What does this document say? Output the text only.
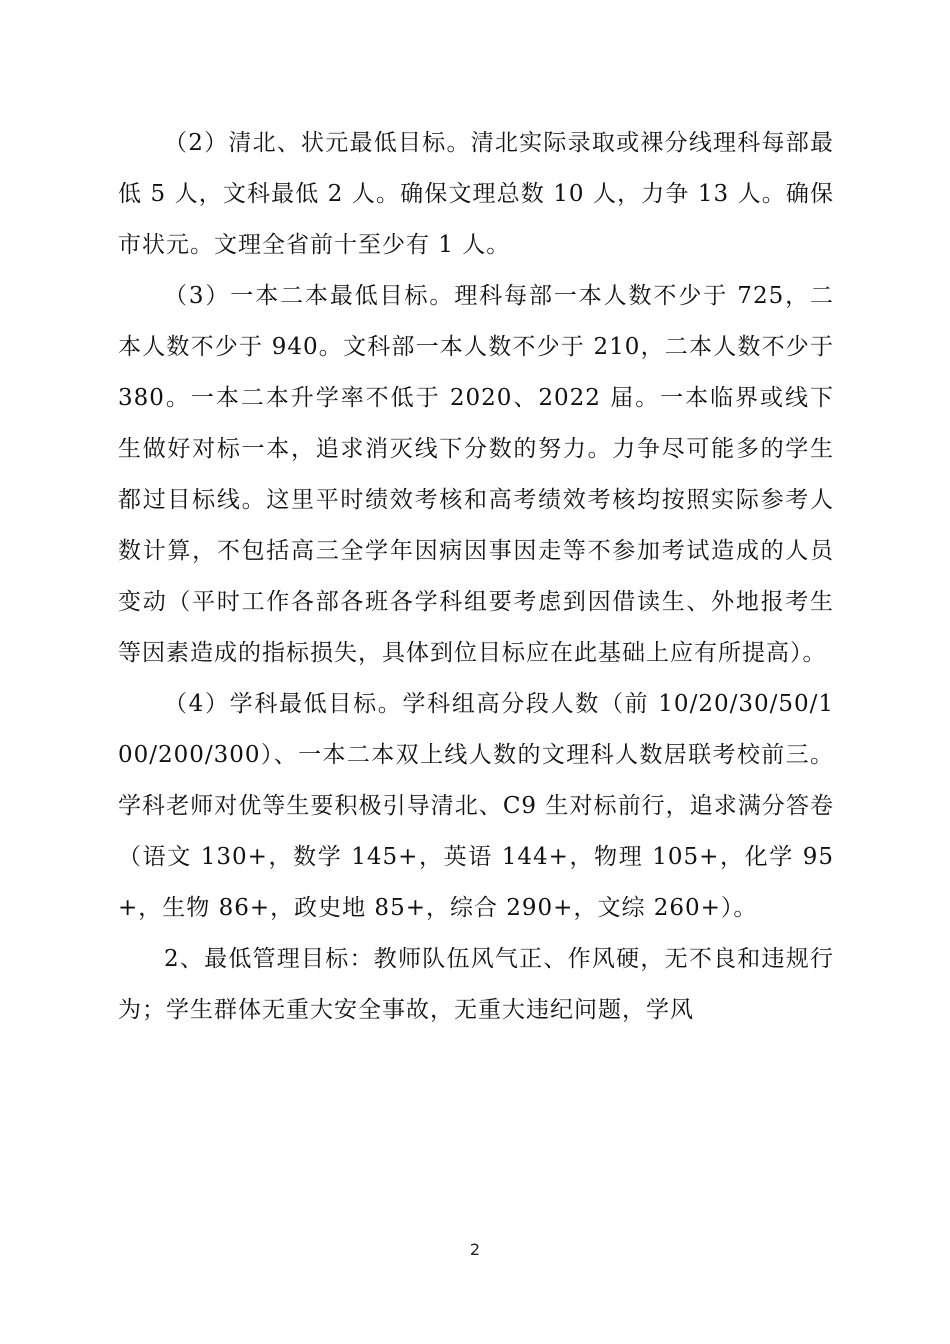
（2）清北、状元最低目标。清北实际录取或裸分线理科每部最低 5 人，文科最低 2 人。确保文理总数 10 人，力争 13 人。确保市状元。文理全省前十至少有 1 人。

（3）一本二本最低目标。理科每部一本人数不少于 725，二本人数不少于 940。文科部一本人数不少于 210，二本人数不少于 380。一本二本升学率不低于 2020、2022 届。一本临界或线下生做好对标一本，追求消灭线下分数的努力。力争尽可能多的学生都过目标线。这里平时绩效考核和高考绩效考核均按照实际参考人数计算，不包括高三全学年因病因事因走等不参加考试造成的人员变动（平时工作各部各班各学科组要考虑到因借读生、外地报考生等因素造成的指标损失，具体到位目标应在此基础上应有所提高）。

（4）学科最低目标。学科组高分段人数（前 10/20/30/50/100/200/300）、一本二本双上线人数的文理科人数居联考校前三。学科老师对优等生要积极引导清北、C9 生对标前行，追求满分答卷（语文 130+，数学 145+，英语 144+，物理 105+，化学 95+，生物 86+，政史地 85+，综合 290+，文综 260+）。

2、最低管理目标：教师队伍风气正、作风硬，无不良和违规行为；学生群体无重大安全事故，无重大违纪问题，学风

2
